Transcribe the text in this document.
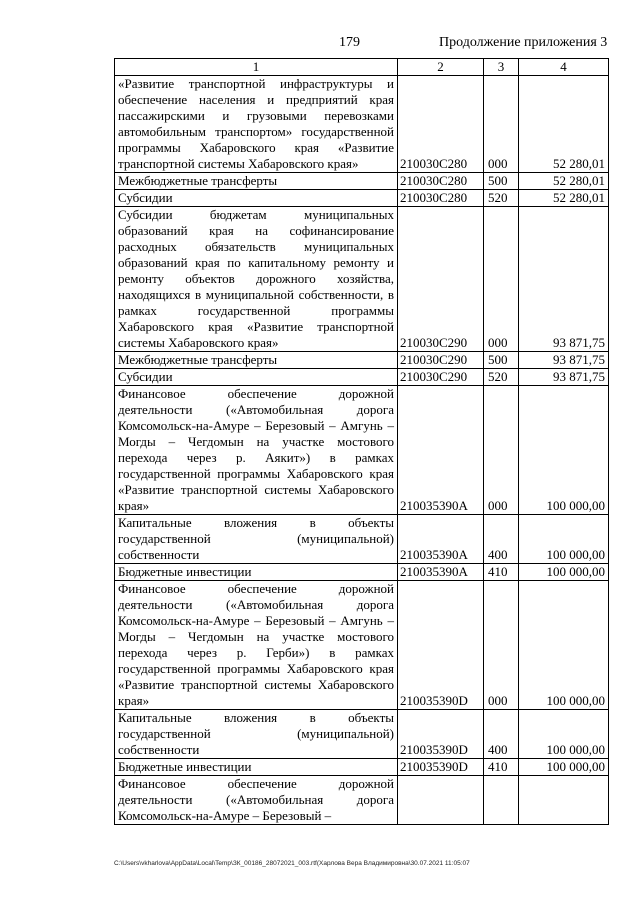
179	Продолжение приложения 3
1	2	3	4
«Развитие транспортной инфраструктуры и обеспечение населения и предприятий края пассажирскими и грузовыми перевозками автомобильным транспортом» государственной программы Хабаровского края «Развитие транспортной системы Хабаровского края»	210030С280	000	52 280,01
Межбюджетные трансферты	210030С280	500	52 280,01
Субсидии	210030С280	520	52 280,01
Субсидии бюджетам муниципальных образований края на софинансирование расходных обязательств муниципальных образований края по капитальному ремонту и ремонту объектов дорожного хозяйства, находящихся в муниципальной собственности, в рамках государственной программы Хабаровского края «Развитие транспортной системы Хабаровского края»	210030С290	000	93 871,75
Межбюджетные трансферты	210030С290	500	93 871,75
Субсидии	210030С290	520	93 871,75
Финансовое обеспечение дорожной деятельности («Автомобильная дорога Комсомольск-на-Амуре – Березовый – Амгунь – Могды – Чегдомын на участке мостового перехода через р. Аякит») в рамках государственной программы Хабаровского края «Развитие транспортной системы Хабаровского края»	210035390А	000	100 000,00
Капитальные вложения в объекты государственной (муниципальной) собственности	210035390А	400	100 000,00
Бюджетные инвестиции	210035390А	410	100 000,00
Финансовое обеспечение дорожной деятельности («Автомобильная дорога Комсомольск-на-Амуре – Березовый – Амгунь – Могды – Чегдомын на участке мостового перехода через р. Герби») в рамках государственной программы Хабаровского края «Развитие транспортной системы Хабаровского края»	210035390D	000	100 000,00
Капитальные вложения в объекты государственной (муниципальной) собственности	210035390D	400	100 000,00
Бюджетные инвестиции	210035390D	410	100 000,00
Финансовое обеспечение дорожной деятельности («Автомобильная дорога Комсомольск-на-Амуре – Березовый –			
C:\Users\vkharlova\AppData\Local\Temp\ЗК_00186_28072021_003.rtf(Харлова Вера Владимировна\30.07.2021 11:05:07
